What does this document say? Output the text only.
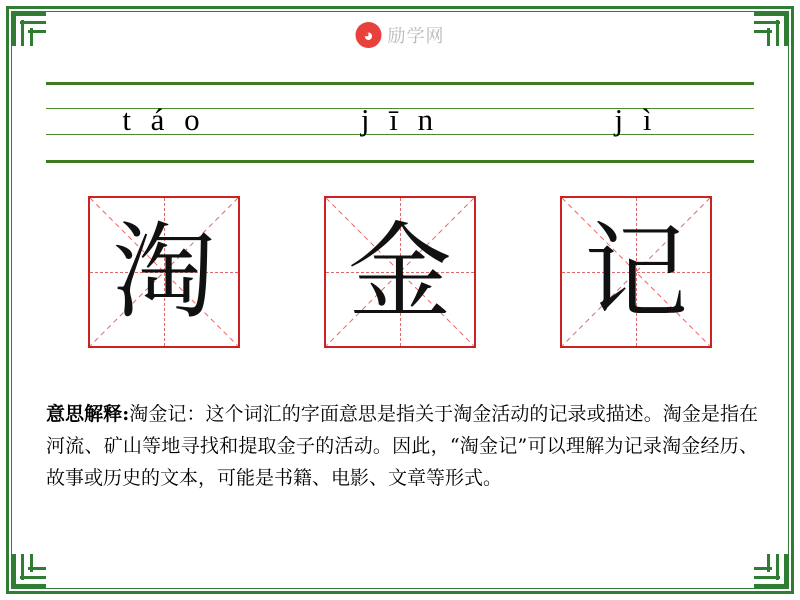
◕ 励学网
t á o	j ī n	j ì
淘 金 记
意思解释:淘金记：这个词汇的字面意思是指关于淘金活动的记录或描述。淘金是指在河流、矿山等地寻找和提取金子的活动。因此，“淘金记”可以理解为记录淘金经历、故事或历史的文本，可能是书籍、电影、文章等形式。
